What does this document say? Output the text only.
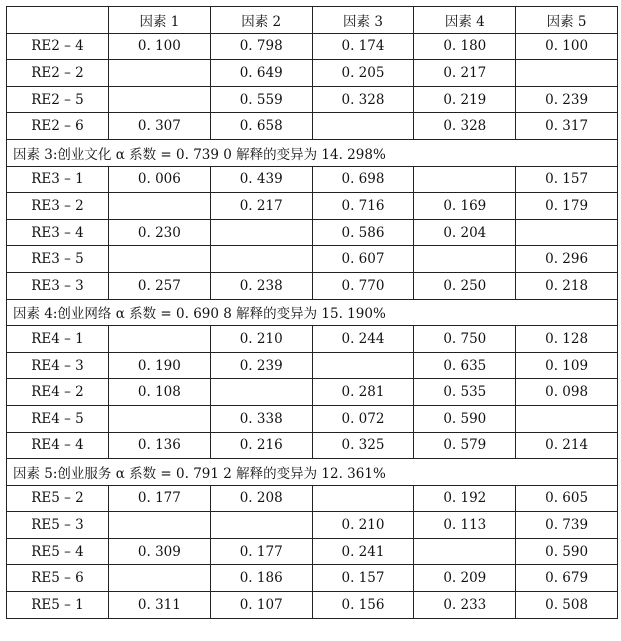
	因素 1	因素 2	因素 3	因素 4	因素 5
RE2 – 4	0. 100	0. 798	0. 174	0. 180	0. 100
RE2 – 2		0. 649	0. 205	0. 217	
RE2 – 5		0. 559	0. 328	0. 219	0. 239
RE2 – 6	0. 307	0. 658		0. 328	0. 317
因素 3:创业文化 α 系数 = 0. 739 0 解释的变异为 14. 298%					
RE3 – 1	0. 006	0. 439	0. 698		0. 157
RE3 – 2		0. 217	0. 716	0. 169	0. 179
RE3 – 4	0. 230		0. 586	0. 204	
RE3 – 5			0. 607		0. 296
RE3 – 3	0. 257	0. 238	0. 770	0. 250	0. 218
因素 4:创业网络 α 系数 = 0. 690 8 解释的变异为 15. 190%					
RE4 – 1		0. 210	0. 244	0. 750	0. 128
RE4 – 3	0. 190	0. 239		0. 635	0. 109
RE4 – 2	0. 108		0. 281	0. 535	0. 098
RE4 – 5		0. 338	0. 072	0. 590	
RE4 – 4	0. 136	0. 216	0. 325	0. 579	0. 214
因素 5:创业服务 α 系数 = 0. 791 2 解释的变异为 12. 361%					
RE5 – 2	0. 177	0. 208		0. 192	0. 605
RE5 – 3			0. 210	0. 113	0. 739
RE5 – 4	0. 309	0. 177	0. 241		0. 590
RE5 – 6		0. 186	0. 157	0. 209	0. 679
RE5 – 1	0. 311	0. 107	0. 156	0. 233	0. 508
